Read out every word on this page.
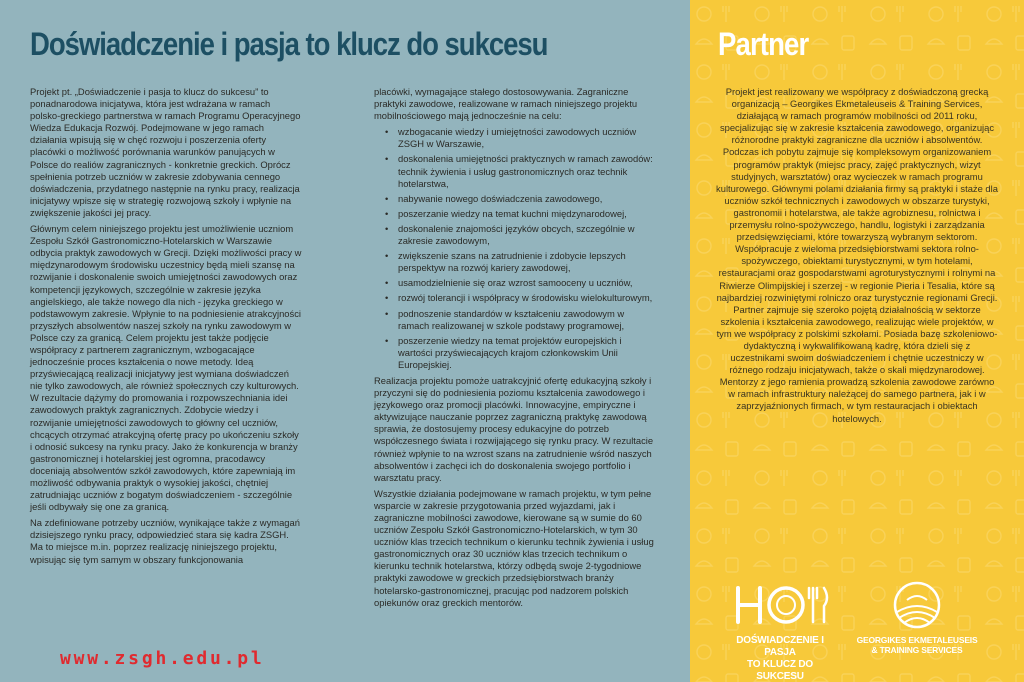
Doświadczenie i pasja to klucz do sukcesu	Partner

Projekt pt. „Doświadczenie i pasja to klucz do sukcesu” to ponadnarodowa inicjatywa, która jest wdrażana w ramach polsko-greckiego partnerstwa w ramach Programu Operacyjnego Wiedza Edukacja Rozwój. Podejmowane w jego ramach działania wpisują się w chęć rozwoju i poszerzenia oferty placówki o możliwość porównania warunków panujących w Polsce do realiów zagranicznych - konkretnie greckich. Oprócz spełnienia potrzeb uczniów w zakresie zdobywania cennego doświadczenia, przydatnego następnie na rynku pracy, realizacja inicjatywy wpisze się w strategię rozwojową szkoły i wpłynie na zwiększenie jakości jej pracy.

Głównym celem niniejszego projektu jest umożliwienie uczniom Zespołu Szkół Gastronomiczno-Hotelarskich w Warszawie odbycia praktyk zawodowych w Grecji. Dzięki możliwości pracy w międzynarodowym środowisku uczestnicy będą mieli szansę na rozwijanie i doskonalenie swoich umiejętności zawodowych oraz kompetencji językowych, szczególnie w zakresie języka angielskiego, ale także nowego dla nich - języka greckiego w podstawowym zakresie. Wpłynie to na podniesienie atrakcyjności przyszłych absolwentów naszej szkoły na rynku zawodowym w Polsce czy za granicą. Celem projektu jest także podjęcie współpracy z partnerem zagranicznym, wzbogacające jednocześnie proces kształcenia o nowe metody. Ideą przyświecającą realizacji inicjatywy jest wymiana doświadczeń nie tylko zawodowych, ale również społecznych czy kulturowych. W rezultacie dążymy do promowania i rozpowszechniania idei zawodowych praktyk zagranicznych. Zdobycie wiedzy i rozwijanie umiejętności zawodowych to główny cel uczniów, chcących otrzymać atrakcyjną ofertę pracy po ukończeniu szkoły i odnosić sukcesy na rynku pracy. Jako że konkurencja w branży gastronomicznej i hotelarskiej jest ogromna, pracodawcy doceniają absolwentów szkół zawodowych, które zapewniają im możliwość odbywania praktyk o wysokiej jakości, chętniej zatrudniając uczniów z bogatym doświadczeniem - szczególnie jeśli odbywały się one za granicą.

Na zdefiniowane potrzeby uczniów, wynikające także z wymagań dzisiejszego rynku pracy, odpowiedzieć stara się kadra ZSGH. Ma to miejsce m.in. poprzez realizację niniejszego projektu, wpisując się tym samym w obszary funkcjonowania

placówki, wymagające stałego dostosowywania. Zagraniczne praktyki zawodowe, realizowane w ramach niniejszego projektu mobilnościowego mają jednocześnie na celu:

• wzbogacanie wiedzy i umiejętności zawodowych uczniów ZSGH w Warszawie,
• doskonalenia umiejętności praktycznych w ramach zawodów: technik żywienia i usług gastronomicznych oraz technik hotelarstwa,
• nabywanie nowego doświadczenia zawodowego,
• poszerzanie wiedzy na temat kuchni międzynarodowej,
• doskonalenie znajomości języków obcych, szczególnie w zakresie zawodowym,
• zwiększenie szans na zatrudnienie i zdobycie lepszych perspektyw na rozwój kariery zawodowej,
• usamodzielnienie się oraz wzrost samooceny u uczniów,
• rozwój tolerancji i współpracy w środowisku wielokulturowym,
• podnoszenie standardów w kształceniu zawodowym w ramach realizowanej w szkole podstawy programowej,
• poszerzenie wiedzy na temat projektów europejskich i wartości przyświecających krajom członkowskim Unii Europejskiej.

Realizacja projektu pomoże uatrakcyjnić ofertę edukacyjną szkoły i przyczyni się do podniesienia poziomu kształcenia zawodowego i językowego oraz promocji placówki. Innowacyjne, empiryczne i aktywizujące nauczanie poprzez zagraniczną praktykę zawodową sprawia, że dostosujemy procesy edukacyjne do potrzeb współczesnego świata i rozwijającego się rynku pracy. W rezultacie również wpłynie to na wzrost szans na zatrudnienie wśród naszych absolwentów i zachęci ich do doskonalenia swojego portfolio i warsztatu pracy.

Wszystkie działania podejmowane w ramach projektu, w tym pełne wsparcie w zakresie przygotowania przed wyjazdami, jak i zagraniczne mobilności zawodowe, kierowane są w sumie do 60 uczniów Zespołu Szkół Gastronomiczno-Hotelarskich, w tym 30 uczniów klas trzecich technikum o kierunku technik żywienia i usług gastronomicznych oraz 30 uczniów klas trzecich technikum o kierunku technik hotelarstwa, którzy odbędą swoje 2-tygodniowe praktyki zawodowe w greckich przedsiębiorstwach branży hotelarsko-gastronomicznej, pracując pod nadzorem polskich opiekunów oraz greckich mentorów.

Projekt jest realizowany we współpracy z doświadczoną grecką organizacją – Georgikes Ekmetaleuseis & Training Services, działającą w ramach programów mobilności od 2011 roku, specjalizując się w zakresie kształcenia zawodowego, organizując różnorodne praktyki zagraniczne dla uczniów i absolwentów. Podczas ich pobytu zajmuje się kompleksowym organizowaniem programów praktyk (miejsc pracy, zajęć praktycznych, wizyt studyjnych, warsztatów) oraz wycieczek w ramach programu kulturowego. Głównymi polami działania firmy są praktyki i staże dla uczniów szkół technicznych i zawodowych w obszarze turystyki, gastronomii i hotelarstwa, ale także agrobiznesu, rolnictwa i przemysłu rolno-spożywczego, handlu, logistyki i zarządzania przedsięwzięciami, które towarzyszą wybranym sektorom. Współpracuje z wieloma przedsiębiorstwami sektora rolno-spożywczego, obiektami turystycznymi, w tym hotelami, restauracjami oraz gospodarstwami agroturystycznymi i rolnymi na Riwierze Olimpijskiej i szerzej - w regionie Pieria i Tesalia, które są najbardziej rozwiniętymi rolniczo oraz turystycznie regionami Grecji. Partner zajmuje się szeroko pojętą działalnością w sektorze szkolenia i kształcenia zawodowego, realizując wiele projektów, w tym we współpracy z polskimi szkołami. Posiada bazę szkoleniowo-dydaktyczną i wykwalifikowaną kadrę, która dzieli się z uczestnikami swoim doświadczeniem i chętnie uczestniczy w różnego rodzaju inicjatywach, także o skali międzynarodowej. Mentorzy z jego ramienia prowadzą szkolenia zawodowe zarówno w ramach infrastruktury należącej do samego partnera, jak i w zaprzyjaźnionych firmach, w tym restauracjach i obiektach hotelowych.

www.zsgh.edu.pl
DOŚWIADCZENIE I PASJA
TO KLUCZ DO SUKCESU
GEORGIKES EKMETALEUSEIS
& TRAINING SERVICES
